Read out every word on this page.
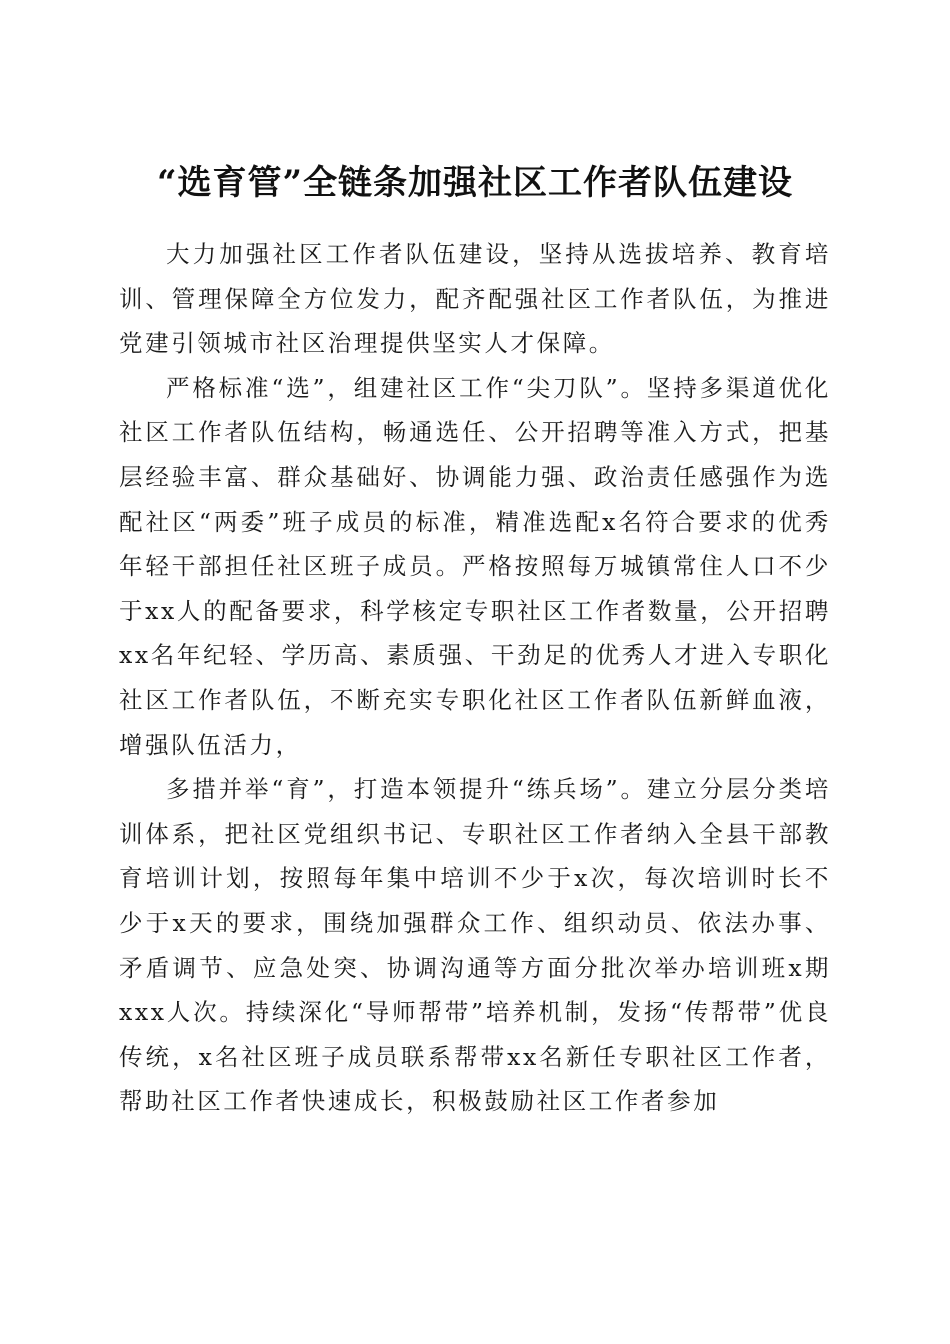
“选育管”全链条加强社区工作者队伍建设

大力加强社区工作者队伍建设，坚持从选拔培养、教育培训、管理保障全方位发力，配齐配强社区工作者队伍，为推进党建引领城市社区治理提供坚实人才保障。

严格标准“选”，组建社区工作“尖刀队”。坚持多渠道优化社区工作者队伍结构，畅通选任、公开招聘等准入方式，把基层经验丰富、群众基础好、协调能力强、政治责任感强作为选配社区“两委”班子成员的标准，精准选配x名符合要求的优秀年轻干部担任社区班子成员。严格按照每万城镇常住人口不少于xx人的配备要求，科学核定专职社区工作者数量，公开招聘xx名年纪轻、学历高、素质强、干劲足的优秀人才进入专职化社区工作者队伍，不断充实专职化社区工作者队伍新鲜血液，增强队伍活力，

多措并举“育”，打造本领提升“练兵场”。建立分层分类培训体系，把社区党组织书记、专职社区工作者纳入全县干部教育培训计划，按照每年集中培训不少于x次，每次培训时长不少于x天的要求，围绕加强群众工作、组织动员、依法办事、矛盾调节、应急处突、协调沟通等方面分批次举办培训班x期xxx人次。持续深化“导师帮带”培养机制，发扬“传帮带”优良传统，x名社区班子成员联系帮带xx名新任专职社区工作者，帮助社区工作者快速成长，积极鼓励社区工作者参加
